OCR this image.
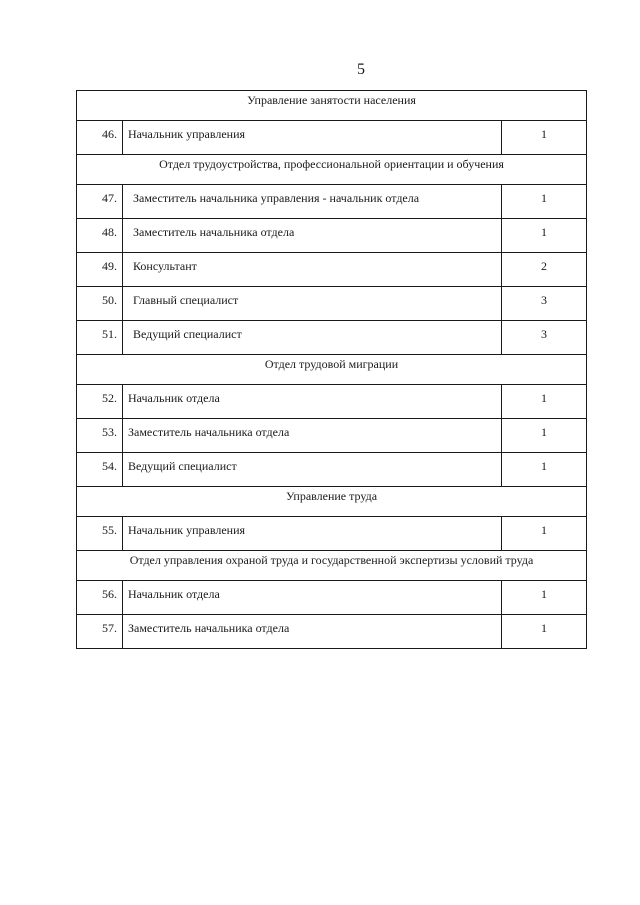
5
Управление занятости населения		
46.	Начальник управления	1
Отдел трудоустройства, профессиональной ориентации и обучения		
47.	Заместитель начальника управления - начальник отдела	1
48.	Заместитель начальника отдела	1
49.	Консультант	2
50.	Главный специалист	3
51.	Ведущий специалист	3
Отдел трудовой миграции		
52.	Начальник отдела	1
53.	Заместитель начальника отдела	1
54.	Ведущий специалист	1
Управление труда		
55.	Начальник управления	1
Отдел управления охраной труда и государственной экспертизы условий труда		
56.	Начальник отдела	1
57.	Заместитель начальника отдела	1
